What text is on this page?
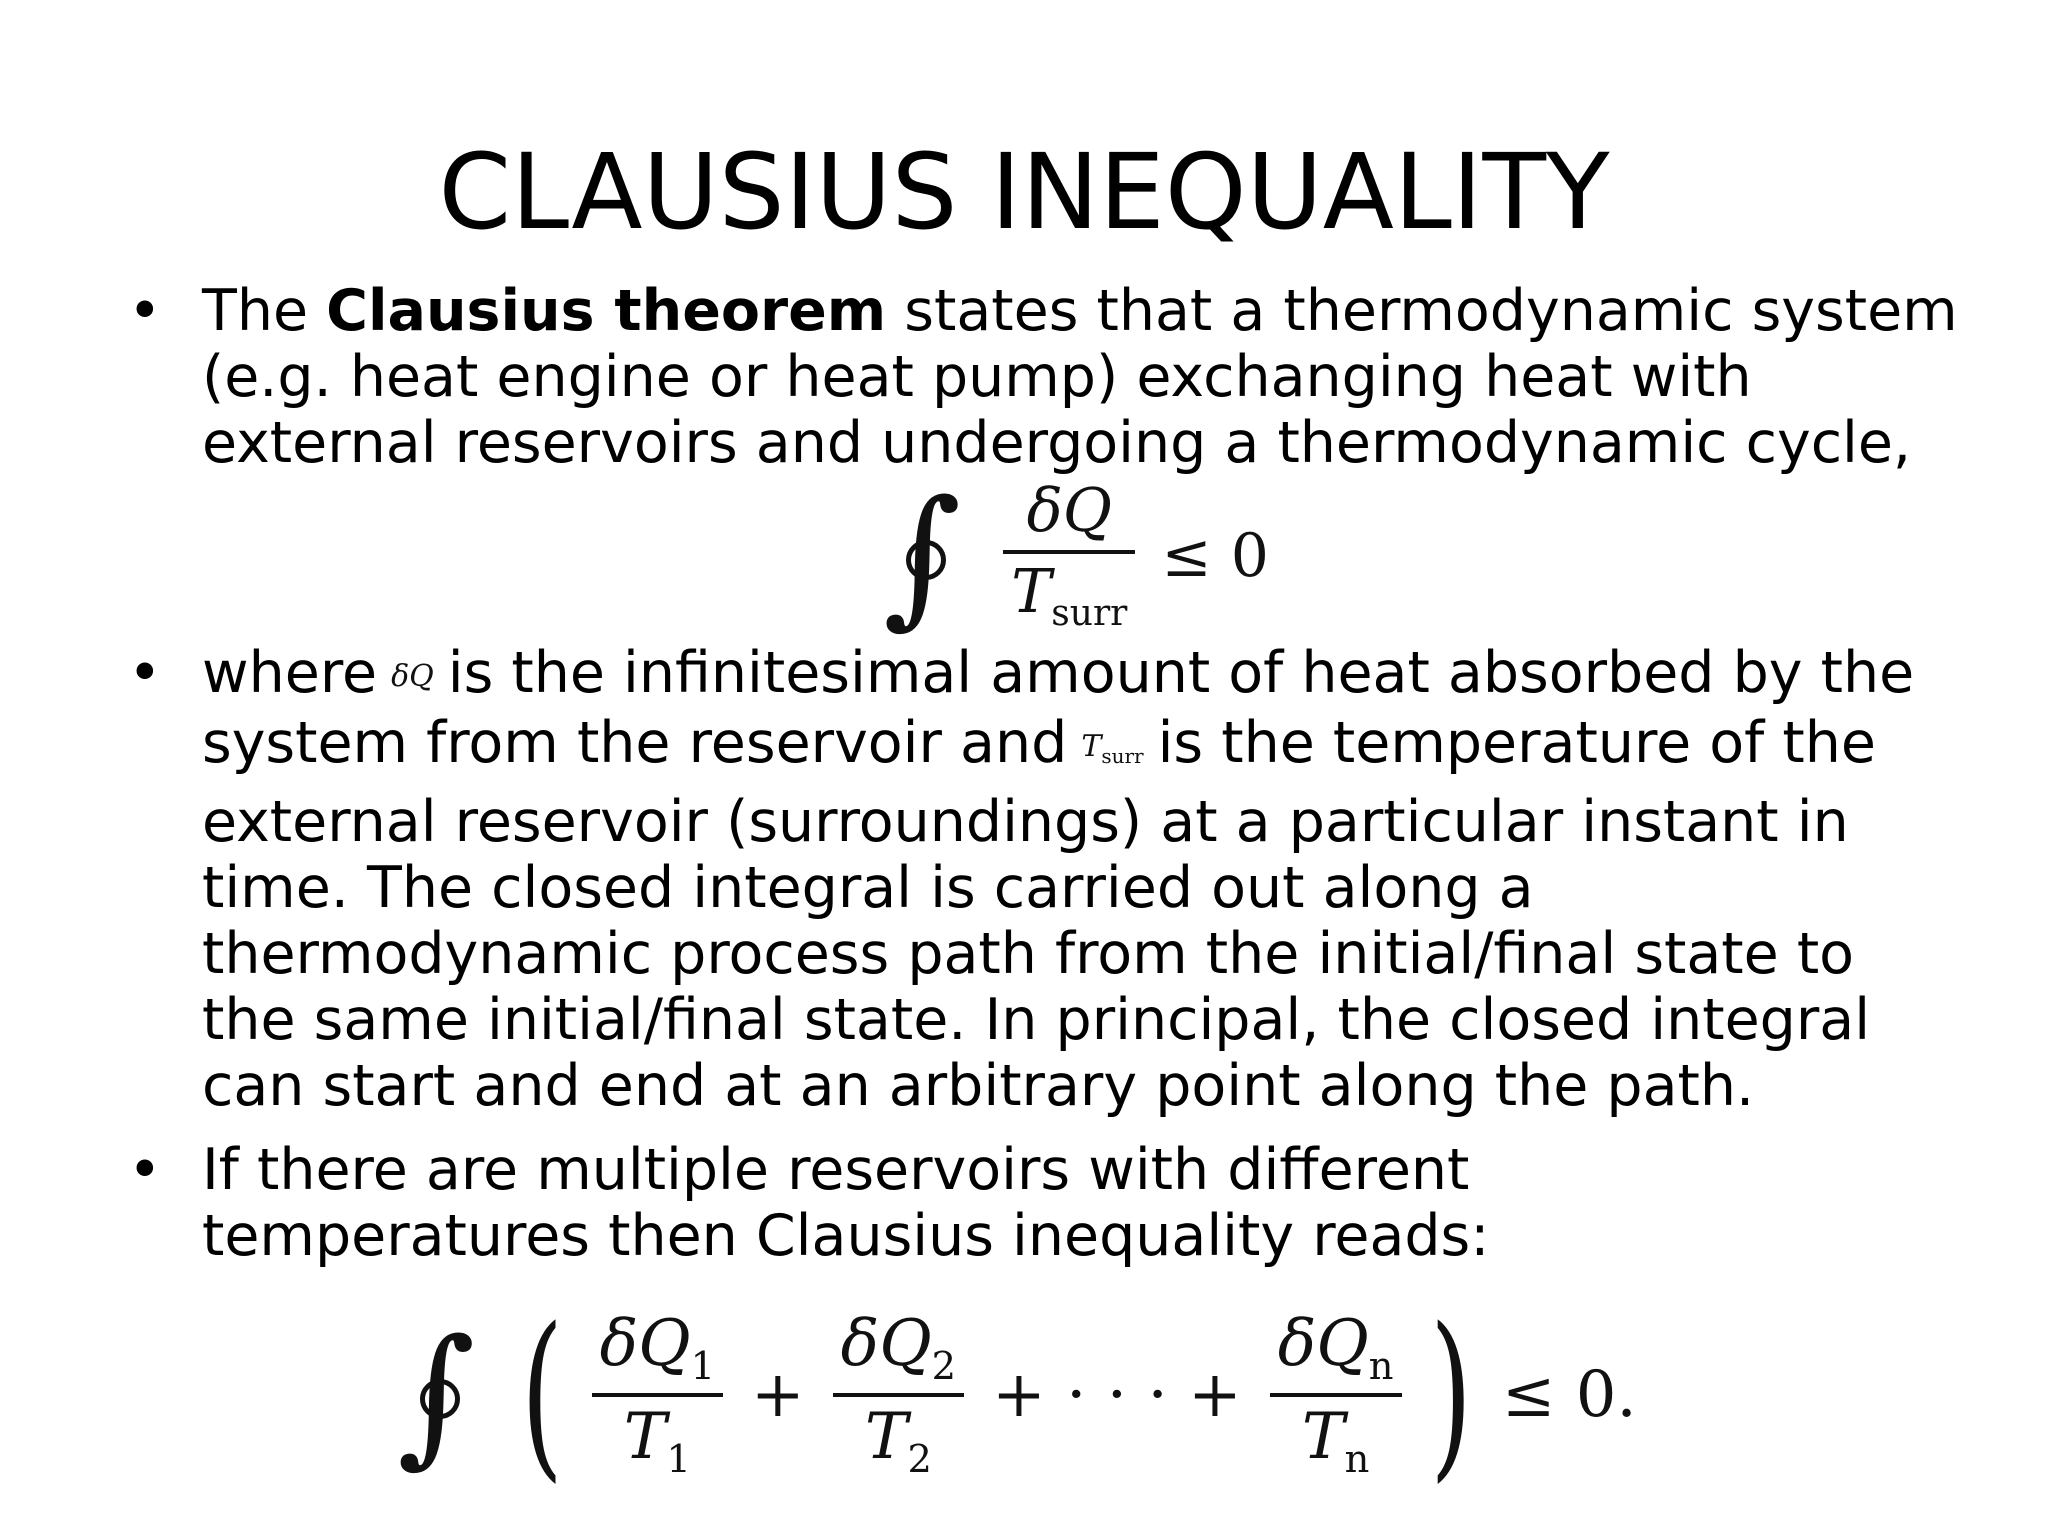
CLAUSIUS INEQUALITY
• The Clausius theorem states that a thermodynamic system (e.g. heat engine or heat pump) exchanging heat with external reservoirs and undergoing a thermodynamic cycle,
∫ $\frac{\delta Q}{T_{surr}} \le 0$
• where δQ is the infinitesimal amount of heat absorbed by the system from the reservoir and $T_{surr}$ is the temperature of the external reservoir (surroundings) at a particular instant in time. The closed integral is carried out along a thermodynamic process path from the initial/final state to the same initial/final state. In principal, the closed integral can start and end at an arbitrary point along the path.
• If there are multiple reservoirs with different temperatures then Clausius inequality reads:
∫ ( $\frac{\delta Q_1}{T_1} + \frac{\delta Q_2}{T_2}$ + · · · + $\frac{\delta Q_n}{T_n}$ ) ≤ 0.
